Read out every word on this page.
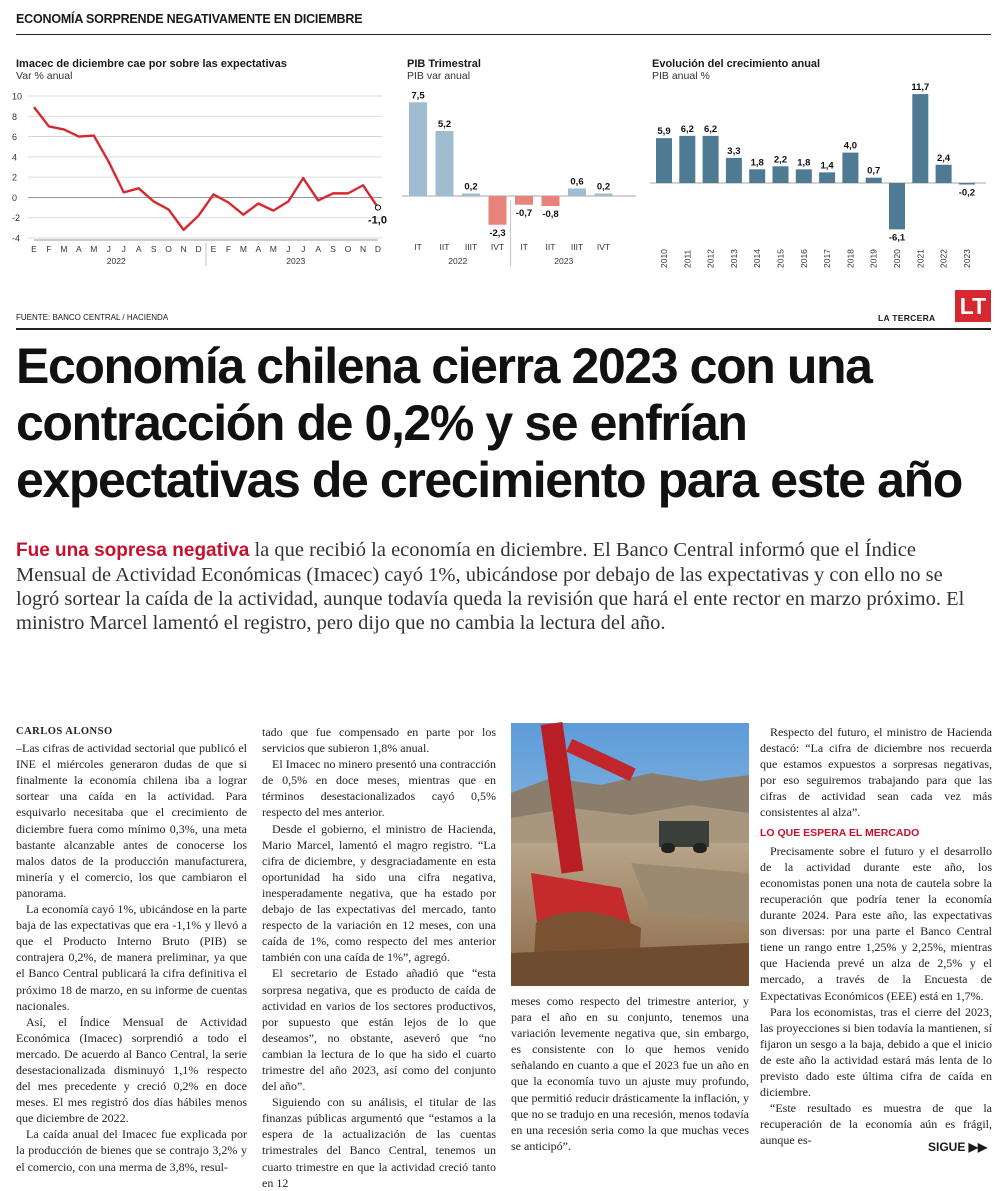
ECONOMÍA SORPRENDE NEGATIVAMENTE EN DICIEMBRE
Imacec de diciembre cae por sobre las expectativas
Var % anual
10
8
6
4
2
0
-2
-4
-1,0
E F M A M J J A S O N D E F M A M J J A S O N D
2022	2023
PIB Trimestral
PIB var anual
7,5
IT
5,2
IIT
0,2
IIIT
-2,3
IVT
-0,7
IT
-0,8
IIT
0,6
IIIT
0,2
IVT
2022	2023
Evolución del crecimiento anual
PIB anual %
5,9
2010
6,2
2011
6,2
2012
3,3
2013
1,8
2014
2,2
2015
1,8
2016
1,4
2017
4,0
2018
0,7
2019
-6,1
2020
11,7
2021
2,4
2022
-0,2
2023
FUENTE: BANCO CENTRAL / HACIENDA	LA TERCERA LT
Economía chilena cierra 2023 con una contracción de 0,2% y se enfrían expectativas de crecimiento para este año
Fue una sopresa negativa la que recibió la economía en diciembre. El Banco Central informó que el Índice Mensual de Actividad Económicas (Imacec) cayó 1%, ubicándose por debajo de las expectativas y con ello no se logró sortear la caída de la actividad, aunque todavía queda la revisión que hará el ente rector en marzo próximo. El ministro Marcel lamentó el registro, pero dijo que no cambia la lectura del año.
CARLOS ALONSO

–Las cifras de actividad sectorial que publicó el INE el miércoles generaron dudas de que si finalmente la economía chilena iba a lograr sortear una caída en la actividad. Para esquivarlo necesitaba que el crecimiento de diciembre fuera como mínimo 0,3%, una meta bastante alcanzable antes de conocerse los malos datos de la producción manufacturera, minería y el comercio, los que cambiaron el panorama.

La economía cayó 1%, ubicándose en la parte baja de las expectativas que era -1,1% y llevó a que el Producto Interno Bruto (PIB) se contrajera 0,2%, de manera preliminar, ya que el Banco Central publicará la cifra definitiva el próximo 18 de marzo, en su informe de cuentas nacionales.

Así, el Índice Mensual de Actividad Económica (Imacec) sorprendió a todo el mercado. De acuerdo al Banco Central, la serie desestacionalizada disminuyó 1,1% respecto del mes precedente y creció 0,2% en doce meses. El mes registró dos días hábiles menos que diciembre de 2022.

La caída anual del Imacec fue explicada por la producción de bienes que se contrajo 3,2% y el comercio, con una merma de 3,8%, resul-

tado que fue compensado en parte por los servicios que subieron 1,8% anual.

El Imacec no minero presentó una contracción de 0,5% en doce meses, mientras que en términos desestacionalizados cayó 0,5% respecto del mes anterior.

Desde el gobierno, el ministro de Hacienda, Mario Marcel, lamentó el magro registro. “La cifra de diciembre, y desgraciadamente en esta oportunidad ha sido una cifra negativa, inesperadamente negativa, que ha estado por debajo de las expectativas del mercado, tanto respecto de la variación en 12 meses, con una caída de 1%, como respecto del mes anterior también con una caída de 1%”, agregó.

El secretario de Estado añadió que “esta sorpresa negativa, que es producto de caída de actividad en varios de los sectores productivos, por supuesto que están lejos de lo que deseamos”, no obstante, aseveró que “no cambian la lectura de lo que ha sido el cuarto trimestre del año 2023, así como del conjunto del año”.

Siguiendo con su análisis, el titular de las finanzas públicas argumentó que “estamos a la espera de la actualización de las cuentas trimestrales del Banco Central, tenemos un cuarto trimestre en que la actividad creció tanto en 12

meses como respecto del trimestre anterior, y para el año en su conjunto, tenemos una variación levemente negativa que, sin embargo, es consistente con lo que hemos venido señalando en cuanto a que el 2023 fue un año en que la economía tuvo un ajuste muy profundo, que permitió reducir drásticamente la inflación, y que no se tradujo en una recesión, menos todavía en una recesión seria como la que muchas veces se anticipó”.

Respecto del futuro, el ministro de Hacienda destacó: “La cifra de diciembre nos recuerda que estamos expuestos a sorpresas negativas, por eso seguiremos trabajando para que las cifras de actividad sean cada vez más consistentes al alza”.

LO QUE ESPERA EL MERCADO

Precisamente sobre el futuro y el desarrollo de la actividad durante este año, los economistas ponen una nota de cautela sobre la recuperación que podría tener la economía durante 2024. Para este año, las expectativas son diversas: por una parte el Banco Central tiene un rango entre 1,25% y 2,25%, mientras que Hacienda prevé un alza de 2,5% y el mercado, a través de la Encuesta de Expectativas Económicos (EEE) está en 1,7%.

Para los economistas, tras el cierre del 2023, las proyecciones si bien todavía la mantienen, sí fijaron un sesgo a la baja, debido a que el inicio de este año la actividad estará más lenta de lo previsto dado este última cifra de caída en diciembre.

“Este resultado es muestra de que la recuperación de la economía aún es frágil, aunque es-	SIGUE ▶▶
